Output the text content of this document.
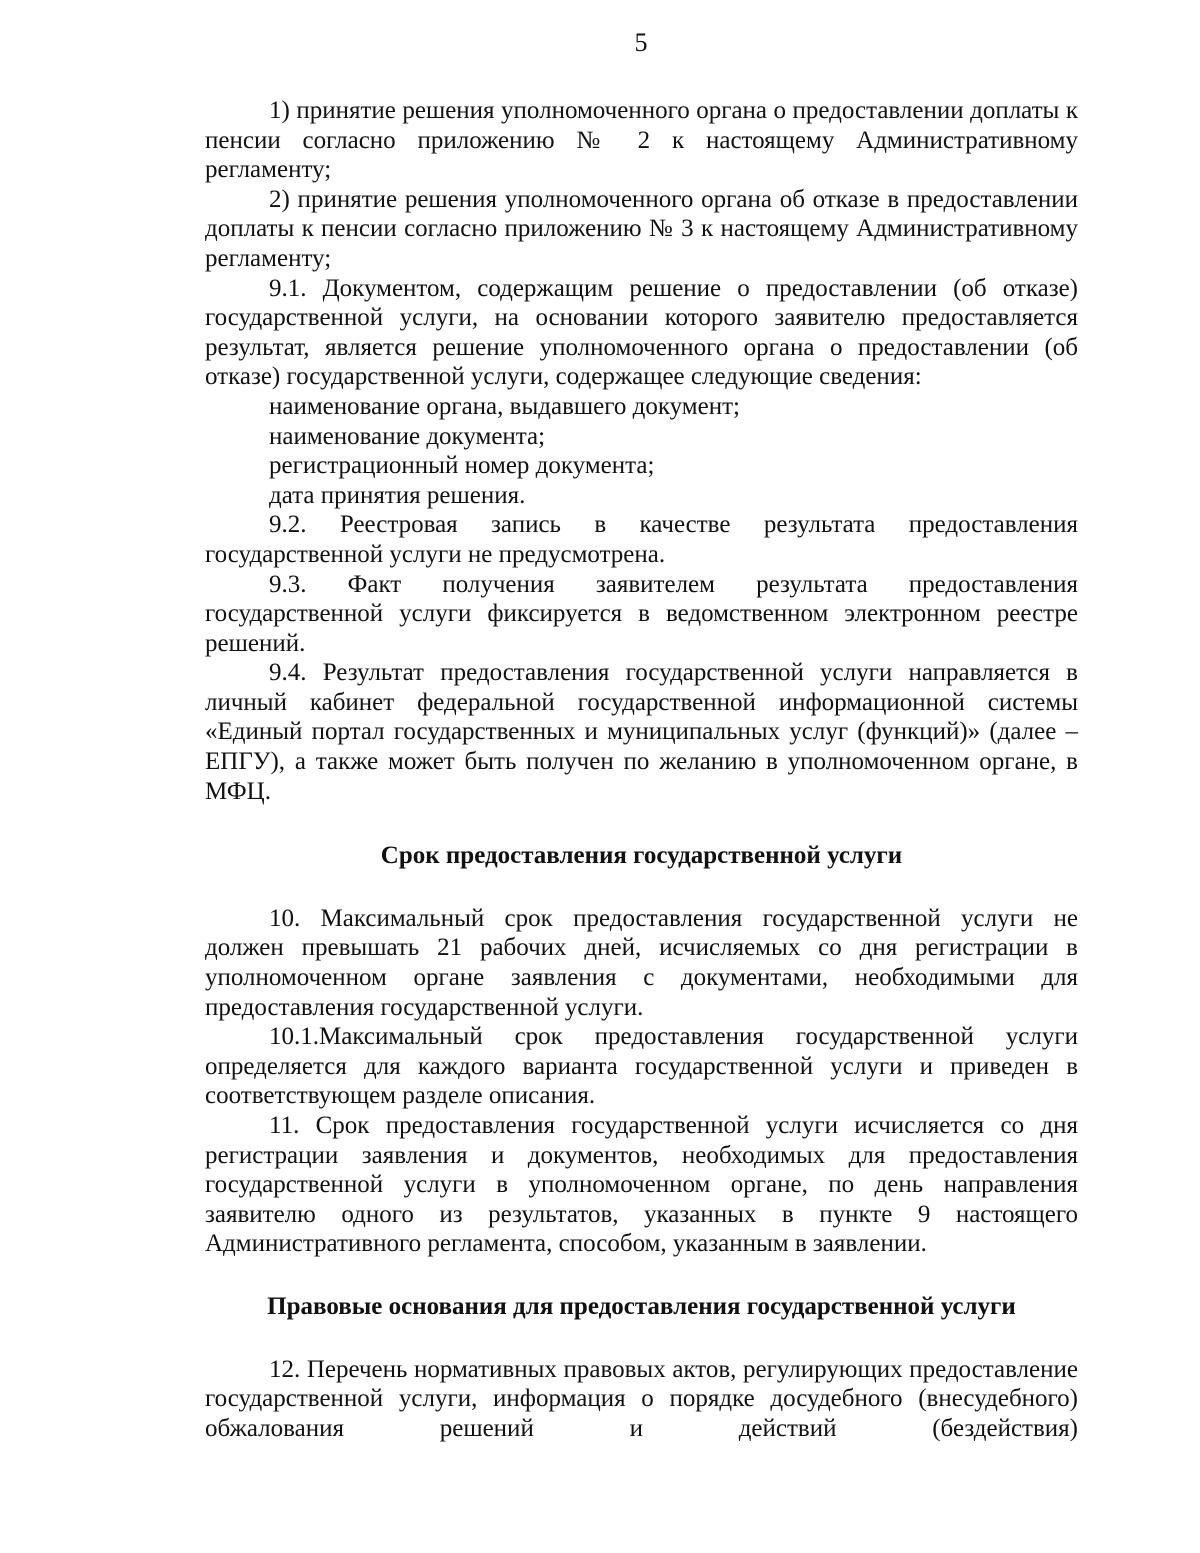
5

1) принятие решения уполномоченного органа о предоставлении доплаты к пенсии согласно приложению № 2 к настоящему Административному регламенту;

2) принятие решения уполномоченного органа об отказе в предоставлении доплаты к пенсии согласно приложению № 3 к настоящему Административному регламенту;

9.1. Документом, содержащим решение о предоставлении (об отказе) государственной услуги, на основании которого заявителю предоставляется результат, является решение уполномоченного органа о предоставлении (об отказе) государственной услуги, содержащее следующие сведения:

наименование органа, выдавшего документ;

наименование документа;

регистрационный номер документа;

дата принятия решения.

9.2. Реестровая запись в качестве результата предоставления государственной услуги не предусмотрена.

9.3. Факт получения заявителем результата предоставления государственной услуги фиксируется в ведомственном электронном реестре решений.

9.4. Результат предоставления государственной услуги направляется в личный кабинет федеральной государственной информационной системы «Единый портал государственных и муниципальных услуг (функций)» (далее – ЕПГУ), а также может быть получен по желанию в уполномоченном органе, в МФЦ.

Срок предоставления государственной услуги

10. Максимальный срок предоставления государственной услуги не должен превышать 21 рабочих дней, исчисляемых со дня регистрации в уполномоченном органе заявления с документами, необходимыми для предоставления государственной услуги.

10.1.Максимальный срок предоставления государственной услуги определяется для каждого варианта государственной услуги и приведен в соответствующем разделе описания.

11. Срок предоставления государственной услуги исчисляется со дня регистрации заявления и документов, необходимых для предоставления государственной услуги в уполномоченном органе, по день направления заявителю одного из результатов, указанных в пункте 9 настоящего Административного регламента, способом, указанным в заявлении.

Правовые основания для предоставления государственной услуги

12. Перечень нормативных правовых актов, регулирующих предоставление государственной услуги, информация о порядке досудебного (внесудебного) обжалования решений и действий (бездействия)
